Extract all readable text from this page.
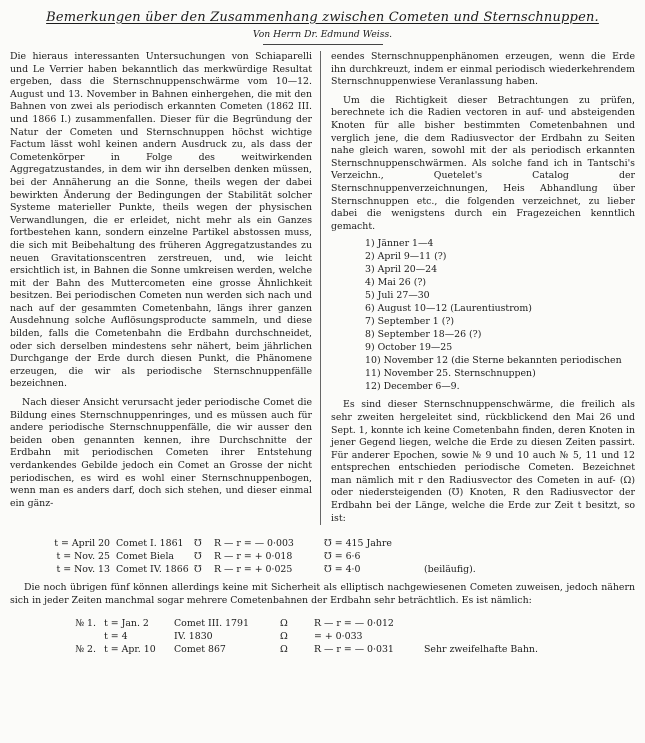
Bemerkungen über den Zusammenhang zwischen Cometen und Sternschnuppen.
Von Herrn Dr. Edmund Weiss.

Die hieraus interessanten Untersuchungen von Schiaparelli und Le Verrier haben bekanntlich das merkwürdige Resultat ergeben, dass die Sternschnuppenschwärme vom 10—12. August und 13. November in Bahnen einhergehen, die mit den Bahnen von zwei als periodisch erkannten Cometen (1862 III. und 1866 I.) zusammenfallen. Dieser für die Begründung der Natur der Cometen und Sternschnuppen höchst wichtige Factum lässt wohl keinen andern Ausdruck zu, als dass der Cometenkörper in Folge des weitwirkenden Aggregatzustandes, in dem wir ihn derselben denken müssen, bei der Annäherung an die Sonne, theils wegen der dabei bewirkten Änderung der Bedingungen der Stabilität solcher Systeme materieller Punkte, theils wegen der physischen Verwandlungen, die er erleidet, nicht mehr als ein Ganzes fortbestehen kann, sondern einzelne Partikel abstossen muss, die sich mit Beibehaltung des früheren Aggregatzustandes zu neuen Gravitationscentren zerstreuen, und, wie leicht ersichtlich ist, in Bahnen die Sonne umkreisen werden, welche mit der Bahn des Muttercometen eine grosse Ähnlichkeit besitzen. Bei periodischen Cometen nun werden sich nach und nach auf der gesammten Cometenbahn, längs ihrer ganzen Ausdehnung solche Auflösungsproducte sammeln, und diese bilden, falls die Cometenbahn die Erdbahn durchschneidet, oder sich derselben mindestens sehr nähert, beim jährlichen Durchgange der Erde durch diesen Punkt, die Phänomene erzeugen, die wir als periodische Sternschnuppenfälle bezeichnen.

Nach dieser Ansicht verursacht jeder periodische Comet die Bildung eines Sternschnuppenringes, und es müssen auch für andere periodische Sternschnuppenfälle, die wir ausser den beiden oben genannten kennen, ihre Durchschnitte der Erdbahn mit periodischen Cometen ihrer Entstehung verdankendes Gebilde jedoch ein Comet an Grosse der nicht periodischen, es wird es wohl einer Sternschnuppenbogen, wenn man es anders darf, doch sich stehen, und dieser einmal ein gänz-

eendes Sternschnuppenphänomen erzeugen, wenn die Erde ihn durchkreuzt, indem er einmal periodisch wiederkehrendem Sternschnuppenwiese Veranlassung haben.

Um die Richtigkeit dieser Betrachtungen zu prüfen, berechnete ich die Radien vectoren in auf- und absteigenden Knoten für alle bisher bestimmten Cometenbahnen und verglich jene, die dem Radiusvector der Erdbahn zu Seiten nahe gleich waren, sowohl mit der als periodisch erkannten Sternschnuppenschwärmen. Als solche fand ich in Tantschi's Verzeichn., Quetelet's Catalog der Sternschnuppenverzeichnungen, Heis Abhandlung über Sternschnuppen etc., die folgenden verzeichnet, zu lieber dabei die wenigstens durch ein Fragezeichen kenntlich gemacht.

1) Jänner 1—4
2) April 9—11 (?)
3) April 20—24
4) Mai 26 (?)
5) Juli 27—30
6) August 10—12 (Laurentiustrom)
7) September 1 (?)
8) September 18—26 (?)
9) October 19—25
10) November 12 (die Sterne bekannten periodischen
11) November 25. Sternschnuppen)
12) December 6—9.

Es sind dieser Sternschnuppenschwärme, die freilich als sehr zweiten hergeleitet sind, rückblickend den Mai 26 und Sept. 1, konnte ich keine Cometenbahn finden, deren Knoten in jener Gegend liegen, welche die Erde zu diesen Zeiten passirt. Für anderer Epochen, sowie № 9 und 10 auch № 5, 11 und 12 entsprechen entschieden periodische Cometen. Bezeichnet man nämlich mit r den Radiusvector des Cometen in auf- (Ω) oder niedersteigenden (℧) Knoten, R den Radiusvector der Erdbahn bei der Länge, welche die Erde zur Zeit t besitzt, so ist:

t = April 20 Comet I. 1861	℧	R — r = — 0·003	℧ = 415 Jahre
t = Nov. 25 Comet Biela	℧	R — r = + 0·018	℧ = 6·6
t = Nov. 13 Comet IV. 1866 ℧	R — r = + 0·025	℧ = 4·0	(beiläufig).

Die noch übrigen fünf können allerdings keine mit Sicherheit als elliptisch nachgewiesenen Cometen zuweisen, jedoch nähern sich in jeder Zeiten manchmal sogar mehrere Cometenbahnen der Erdbahn sehr beträchtlich. Es ist nämlich:

№ 1. t = Jan. 2	Comet III. 1791	Ω	R — r = — 0·012
t = 4	IV. 1830	Ω	= + 0·033
№ 2. t = Apr. 10	Comet 867	Ω	R — r = — 0·031	Sehr zweifelhafte Bahn.
